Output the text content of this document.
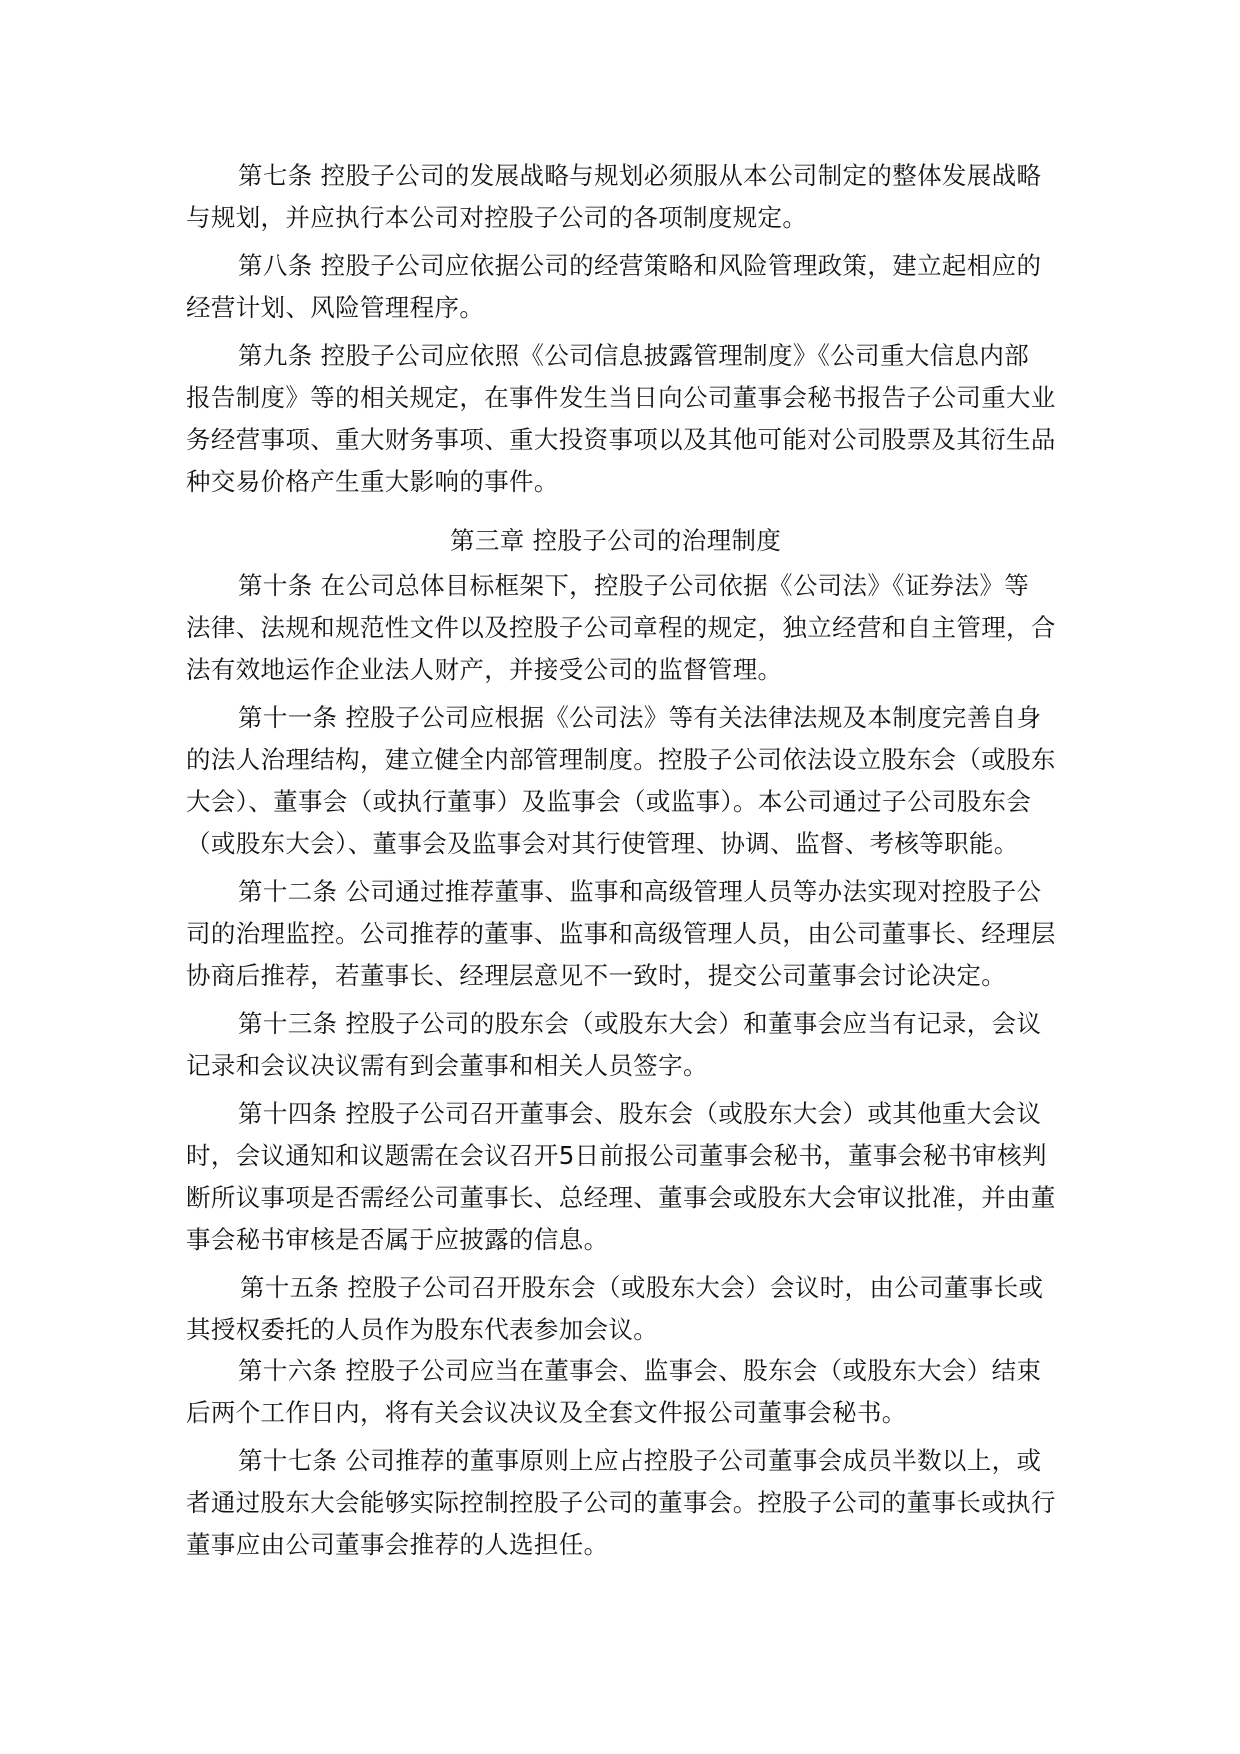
第七条 控股子公司的发展战略与规划必须服从本公司制定的整体发展战略
与规划，并应执行本公司对控股子公司的各项制度规定。
第八条 控股子公司应依据公司的经营策略和风险管理政策，建立起相应的
经营计划、风险管理程序。
第九条 控股子公司应依照《公司信息披露管理制度》《公司重大信息内部
报告制度》等的相关规定，在事件发生当日向公司董事会秘书报告子公司重大业
务经营事项、重大财务事项、重大投资事项以及其他可能对公司股票及其衍生品
种交易价格产生重大影响的事件。
第三章 控股子公司的治理制度
第十条 在公司总体目标框架下，控股子公司依据《公司法》《证券法》等
法律、法规和规范性文件以及控股子公司章程的规定，独立经营和自主管理，合
法有效地运作企业法人财产，并接受公司的监督管理。
第十一条 控股子公司应根据《公司法》等有关法律法规及本制度完善自身
的法人治理结构，建立健全内部管理制度。控股子公司依法设立股东会（或股东
大会）、董事会（或执行董事）及监事会（或监事）。本公司通过子公司股东会
（或股东大会）、董事会及监事会对其行使管理、协调、监督、考核等职能。
第十二条 公司通过推荐董事、监事和高级管理人员等办法实现对控股子公
司的治理监控。公司推荐的董事、监事和高级管理人员，由公司董事长、经理层
协商后推荐，若董事长、经理层意见不一致时，提交公司董事会讨论决定。
第十三条 控股子公司的股东会（或股东大会）和董事会应当有记录，会议
记录和会议决议需有到会董事和相关人员签字。
第十四条 控股子公司召开董事会、股东会（或股东大会）或其他重大会议
时，会议通知和议题需在会议召开5日前报公司董事会秘书，董事会秘书审核判
断所议事项是否需经公司董事长、总经理、董事会或股东大会审议批准，并由董
事会秘书审核是否属于应披露的信息。
第十五条 控股子公司召开股东会（或股东大会）会议时，由公司董事长或
其授权委托的人员作为股东代表参加会议。
第十六条 控股子公司应当在董事会、监事会、股东会（或股东大会）结束
后两个工作日内，将有关会议决议及全套文件报公司董事会秘书。
第十七条 公司推荐的董事原则上应占控股子公司董事会成员半数以上，或
者通过股东大会能够实际控制控股子公司的董事会。控股子公司的董事长或执行
董事应由公司董事会推荐的人选担任。
